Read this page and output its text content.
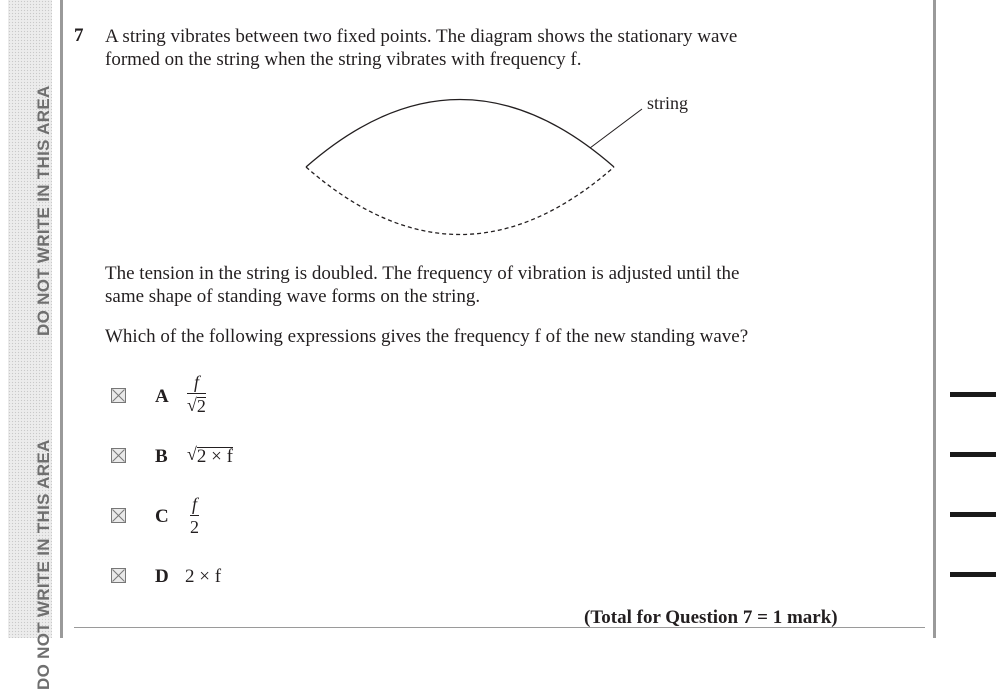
DO NOT WRITE IN THIS AREA
DO NOT WRITE IN THIS AREA
7 A string vibrates between two fixed points. The diagram shows the stationary wave
formed on the string when the string vibrates with frequency f.
string
The tension in the string is doubled. The frequency of vibration is adjusted until the
same shape of standing wave forms on the string.
Which of the following expressions gives the frequency f of the new standing wave?
A
f
√ 2
B √ 2 × f
C
f
2
D 2 × f
(Total for Question 7 = 1 mark)
